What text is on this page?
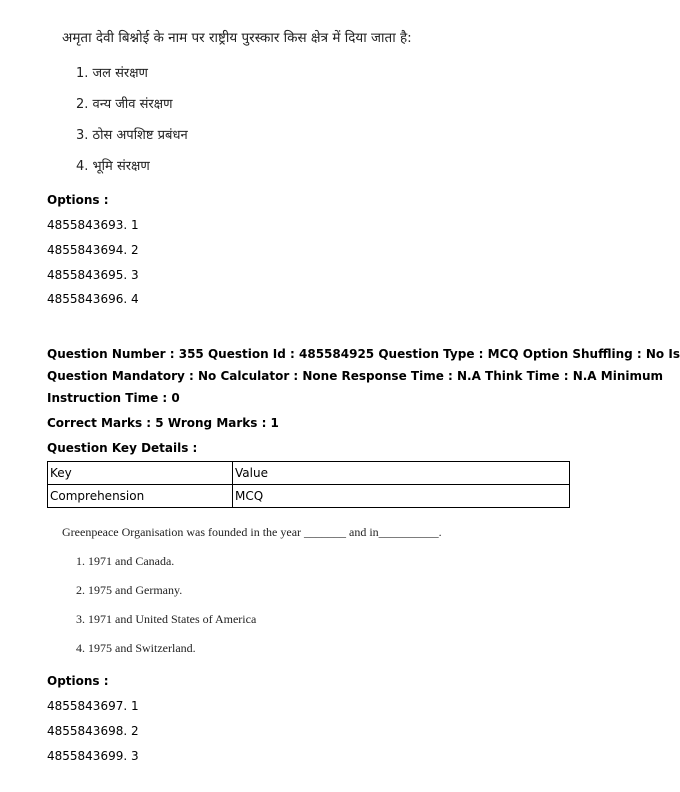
अमृता देवी बिश्नोई के नाम पर राष्ट्रीय पुरस्कार किस क्षेत्र में दिया जाता है:
1. जल संरक्षण
2. वन्य जीव संरक्षण
3. ठोस अपशिष्ट प्रबंधन
4. भूमि संरक्षण
Options :
4855843693. 1
4855843694. 2
4855843695. 3
4855843696. 4
Question Number : 355 Question Id : 485584925 Question Type : MCQ Option Shuffling : No Is
Question Mandatory : No Calculator : None Response Time : N.A Think Time : N.A Minimum
Instruction Time : 0
Correct Marks : 5 Wrong Marks : 1
Question Key Details :
Key	Value
Comprehension	MCQ
Greenpeace Organisation was founded in the year _______ and in__________.
1. 1971 and Canada.
2. 1975 and Germany.
3. 1971 and United States of America
4. 1975 and Switzerland.
Options :
4855843697. 1
4855843698. 2
4855843699. 3
